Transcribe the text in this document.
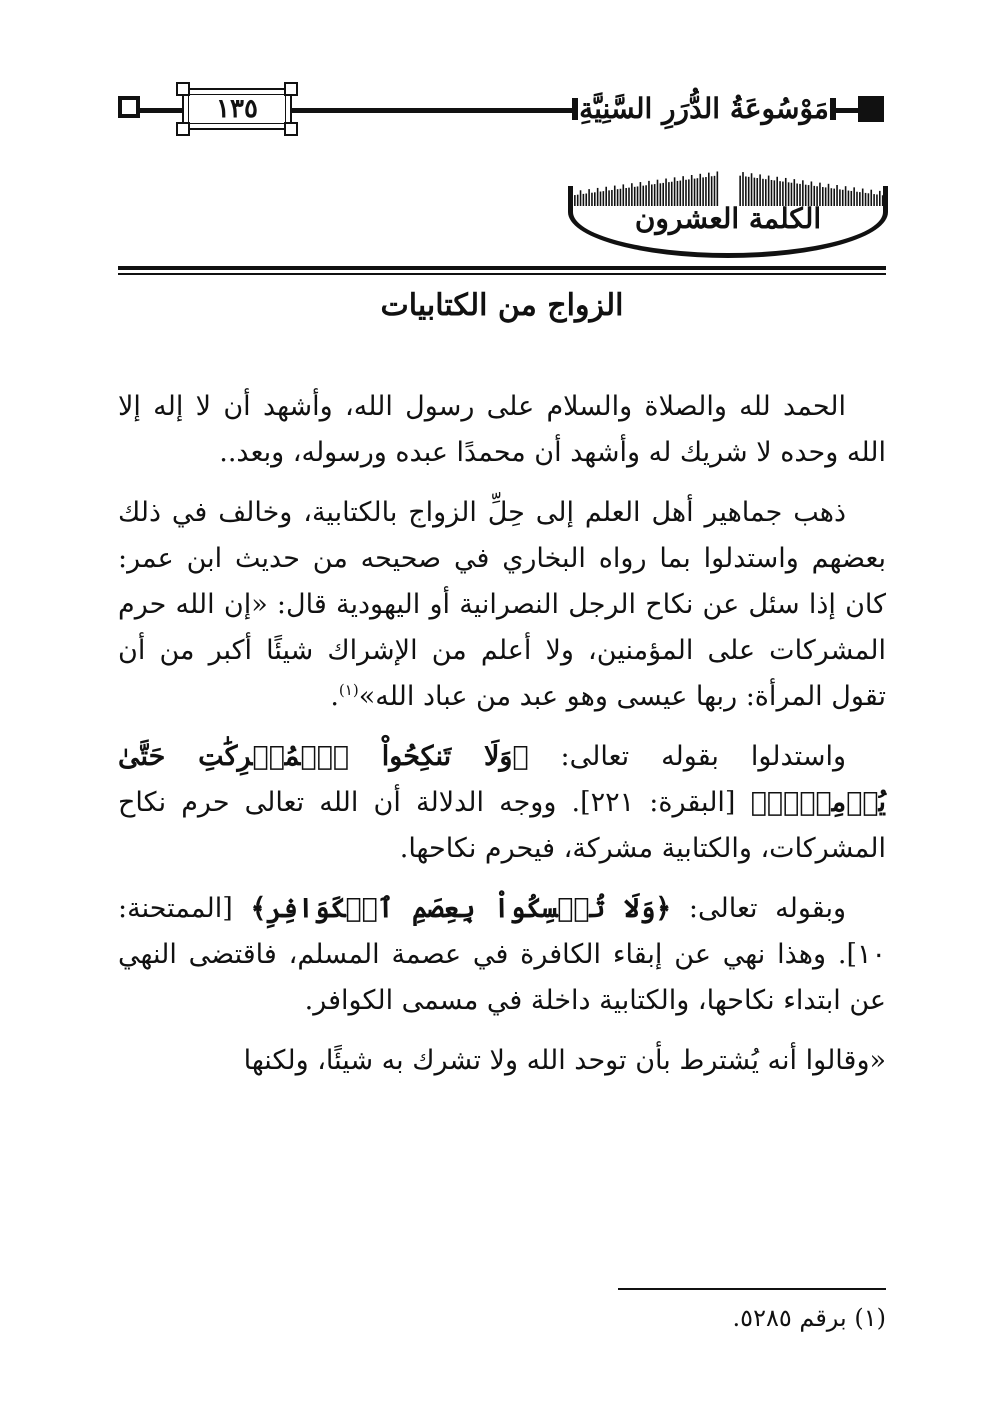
١٣٥	مَوْسُوعَةُ الدُّرَرِ السَّنِيَّةِ
الكلمة العشرون
الزواج من الكتابيات

الحمد لله والصلاة والسلام على رسول الله، وأشهد أن لا إله إلا الله وحده لا شريك له وأشهد أن محمدًا عبده ورسوله، وبعد..

ذهب جماهير أهل العلم إلى حِلِّ الزواج بالكتابية، وخالف في ذلك بعضهم واستدلوا بما رواه البخاري في صحيحه من حديث ابن عمر: كان إذا سئل عن نكاح الرجل النصرانية أو اليهودية قال: «إن الله حرم المشركات على المؤمنين، ولا أعلم من الإشراك شيئًا أكبر من أن تقول المرأة: ربها عيسى وهو عبد من عباد الله»$^{(١)}$.

واستدلوا بقوله تعالى: ﴿وَلَا تَنكِحُواْ ٱلۡمُشۡرِكَٰتِ حَتَّىٰ يُؤۡمِنَّۚ﴾ [البقرة: ٢٢١]. ووجه الدلالة أن الله تعالى حرم نكاح المشركات، والكتابية مشركة، فيحرم نكاحها.

وبقوله تعالى: ﴿وَلَا تُمۡسِكُواْ بِعِصَمِ ٱلۡكَوَافِرِ﴾ [الممتحنة: ١٠]. وهذا نهي عن إبقاء الكافرة في عصمة المسلم، فاقتضى النهي عن ابتداء نكاحها، والكتابية داخلة في مسمى الكوافر.

«وقالوا أنه يُشترط بأن توحد الله ولا تشرك به شيئًا، ولكنها

(١) برقم ٥٢٨٥.
